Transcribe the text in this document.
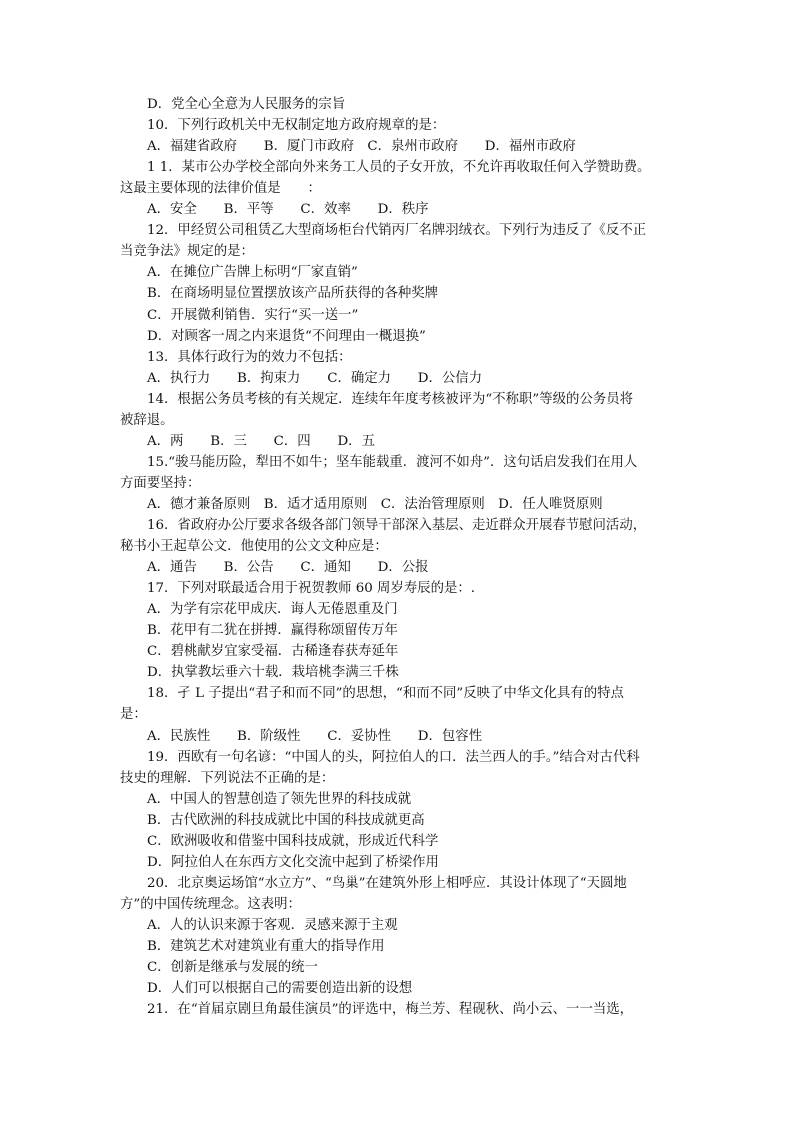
D．党全心全意为人民服务的宗旨
10．下列行政机关中无权制定地方政府规章的是：
A．福建省政府　　B．厦门市政府　C．泉州市政府　　D．福州市政府
1 1．某市公办学校全部向外来务工人员的子女开放，不允许再收取任何入学赞助费。
这最主要体现的法律价值是　　：
A．安全　　B．平等　　C．效率　　D．秩序
12．甲经贸公司租赁乙大型商场柜台代销丙厂名牌羽绒衣。下列行为违反了《反不正
当竞争法》规定的是：
A．在摊位广告牌上标明“厂家直销”
B．在商场明显位置摆放该产品所获得的各种奖牌
C．开展微利销售．实行“买一送一”
D．对顾客一周之内来退货“不问理由一概退换”
13．具体行政行为的效力不包括：
A．执行力　　B．拘束力　　C．确定力　　D．公信力
14．根据公务员考核的有关规定．连续年年度考核被评为“不称职”等级的公务员将
被辞退。
A．两　　B．三　　C．四　　D．五
15.“骏马能历险，犁田不如牛；坚车能载重．渡河不如舟”．这句话启发我们在用人
方面要坚持：
A．德才兼备原则　B．适才适用原则　C．法治管理原则　D．任人唯贤原则
16．省政府办公厅要求各级各部门领导干部深入基层、走近群众开展春节慰问活动，
秘书小王起草公文．他使用的公文文种应是：
A．通告　　B．公告　　C．通知　　D．公报
17．下列对联最适合用于祝贺教师 60 周岁寿辰的是：.
A．为学有宗花甲成庆．诲人无倦恩重及门
B．花甲有二犹在拼搏．赢得称颂留传万年
C．碧桃献岁宜家受福．古稀逢春获寿延年
D．执掌教坛垂六十载．栽培桃李满三千株
18．孑 L 子提出“君子和而不同”的思想，“和而不同”反映了中华文化具有的特点
是：
A．民族性　　B．阶级性　　C．妥协性　　D．包容性
19．西欧有一句名谚：“中国人的头，阿拉伯人的口．法兰西人的手。”结合对古代科
技史的理解．下列说法不正确的是：
A．中国人的智慧创造了领先世界的科技成就
B．古代欧洲的科技成就比中国的科技成就更高
C．欧洲吸收和借鉴中国科技成就，形成近代科学
D．阿拉伯人在东西方文化交流中起到了桥梁作用
20．北京奥运场馆“水立方”、“鸟巢”在建筑外形上相呼应．其设计体现了“天圆地
方”的中国传统理念。这表明：
A．人的认识来源于客观．灵感来源于主观
B．建筑艺术对建筑业有重大的指导作用
C．创新是继承与发展的统一
D．人们可以根据自己的需要创造出新的设想
21．在“首届京剧旦角最佳演员”的评选中，梅兰芳、程砚秋、尚小云、一一当选，
